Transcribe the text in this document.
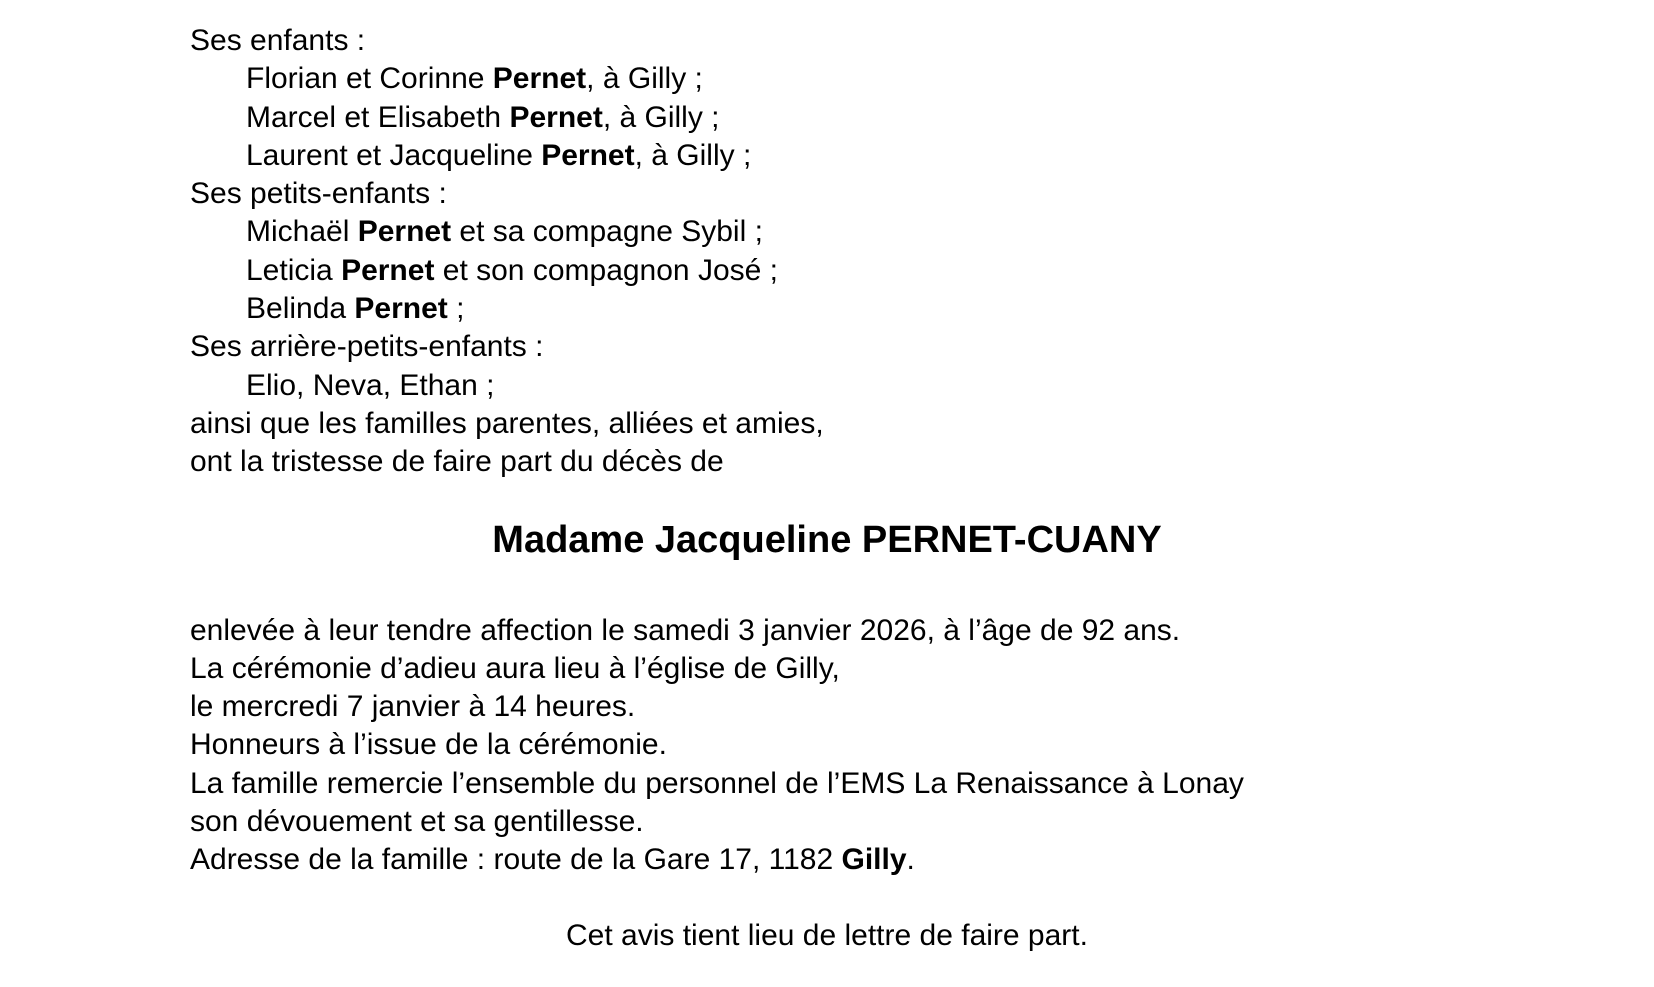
Ses enfants :
Florian et Corinne Pernet, à Gilly ;
Marcel et Elisabeth Pernet, à Gilly ;
Laurent et Jacqueline Pernet, à Gilly ;
Ses petits-enfants :
Michaël Pernet et sa compagne Sybil ;
Leticia Pernet et son compagnon José ;
Belinda Pernet ;
Ses arrière-petits-enfants :
Elio, Neva, Ethan ;
ainsi que les familles parentes, alliées et amies,
ont la tristesse de faire part du décès de
Madame Jacqueline PERNET-CUANY
enlevée à leur tendre affection le samedi 3 janvier 2026, à l’âge de 92 ans.
La cérémonie d’adieu aura lieu à l’église de Gilly,
le mercredi 7 janvier à 14 heures.
Honneurs à l’issue de la cérémonie.
La famille remercie l’ensemble du personnel de l’EMS La Renaissance à Lonay
son dévouement et sa gentillesse.
Adresse de la famille : route de la Gare 17, 1182 Gilly.
Cet avis tient lieu de lettre de faire part.
